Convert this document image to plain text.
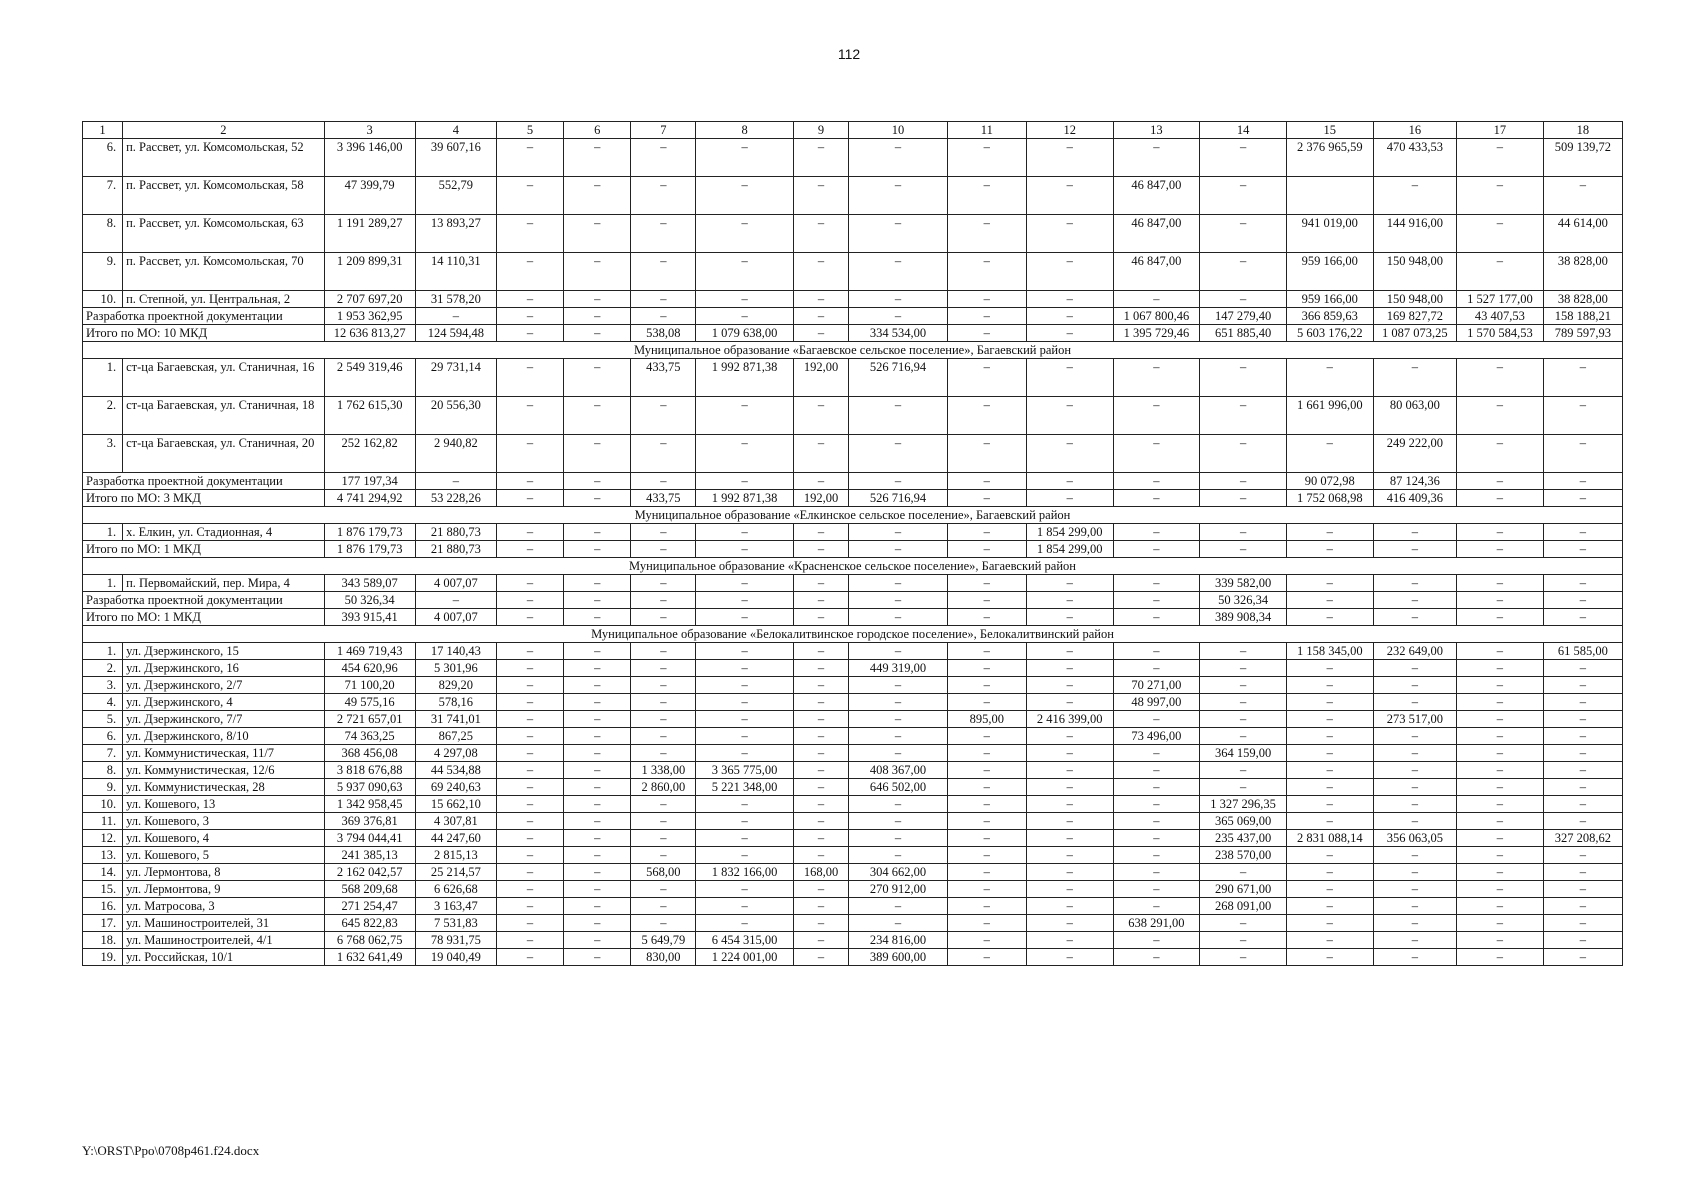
112
1	2	3	4	5	6	7	8	9	10	11	12	13	14	15	16	17	18
6.	п. Рассвет, ул. Комсомольская, 52	3 396 146,00	39 607,16	–	–	–	–	–	–	–	–	–	–	2 376 965,59	470 433,53	–	509 139,72
7.	п. Рассвет, ул. Комсомольская, 58	47 399,79	552,79	–	–	–	–	–	–	–	–	46 847,00	–		–	–	–
8.	п. Рассвет, ул. Комсомольская, 63	1 191 289,27	13 893,27	–	–	–	–	–	–	–	–	46 847,00	–	941 019,00	144 916,00	–	44 614,00
9.	п. Рассвет, ул. Комсомольская, 70	1 209 899,31	14 110,31	–	–	–	–	–	–	–	–	46 847,00	–	959 166,00	150 948,00	–	38 828,00
10.	п. Степной, ул. Центральная, 2	2 707 697,20	31 578,20	–	–	–	–	–	–	–	–	–	–	959 166,00	150 948,00	1 527 177,00	38 828,00
Разработка проектной документации		1 953 362,95	–	–	–	–	–	–	–	–	–	1 067 800,46	147 279,40	366 859,63	169 827,72	43 407,53	158 188,21
Итого по МО: 10 МКД		12 636 813,27	124 594,48	–	–	538,08	1 079 638,00	–	334 534,00	–	–	1 395 729,46	651 885,40	5 603 176,22	1 087 073,25	1 570 584,53	789 597,93
Муниципальное образование «Багаевское сельское поселение», Багаевский район																	
1.	ст-ца Багаевская, ул. Станичная, 16	2 549 319,46	29 731,14	–	–	433,75	1 992 871,38	192,00	526 716,94	–	–	–	–	–	–	–	–
2.	ст-ца Багаевская, ул. Станичная, 18	1 762 615,30	20 556,30	–	–	–	–	–	–	–	–	–	–	1 661 996,00	80 063,00	–	–
3.	ст-ца Багаевская, ул. Станичная, 20	252 162,82	2 940,82	–	–	–	–	–	–	–	–	–	–	–	249 222,00	–	–
Разработка проектной документации		177 197,34	–	–	–	–	–	–	–	–	–	–	–	90 072,98	87 124,36	–	–
Итого по МО: 3 МКД		4 741 294,92	53 228,26	–	–	433,75	1 992 871,38	192,00	526 716,94	–	–	–	–	1 752 068,98	416 409,36	–	–
Муниципальное образование «Елкинское сельское поселение», Багаевский район																	
1.	х. Елкин, ул. Стадионная, 4	1 876 179,73	21 880,73	–	–	–	–	–	–	–	1 854 299,00	–	–	–	–	–	–
Итого по МО: 1 МКД		1 876 179,73	21 880,73	–	–	–	–	–	–	–	1 854 299,00	–	–	–	–	–	–
Муниципальное образование «Красненское сельское поселение», Багаевский район																	
1.	п. Первомайский, пер. Мира, 4	343 589,07	4 007,07	–	–	–	–	–	–	–	–	–	339 582,00	–	–	–	–
Разработка проектной документации		50 326,34	–	–	–	–	–	–	–	–	–	–	50 326,34	–	–	–	–
Итого по МО: 1 МКД		393 915,41	4 007,07	–	–	–	–	–	–	–	–	–	389 908,34	–	–	–	–
Муниципальное образование «Белокалитвинское городское поселение», Белокалитвинский район																	
1.	ул. Дзержинского, 15	1 469 719,43	17 140,43	–	–	–	–	–	–	–	–	–	–	1 158 345,00	232 649,00	–	61 585,00
2.	ул. Дзержинского, 16	454 620,96	5 301,96	–	–	–	–	–	449 319,00	–	–	–	–	–	–	–	–
3.	ул. Дзержинского, 2/7	71 100,20	829,20	–	–	–	–	–	–	–	–	70 271,00	–	–	–	–	–
4.	ул. Дзержинского, 4	49 575,16	578,16	–	–	–	–	–	–	–	–	48 997,00	–	–	–	–	–
5.	ул. Дзержинского, 7/7	2 721 657,01	31 741,01	–	–	–	–	–	–	895,00	2 416 399,00	–	–	–	273 517,00	–	–
6.	ул. Дзержинского, 8/10	74 363,25	867,25	–	–	–	–	–	–	–	–	73 496,00	–	–	–	–	–
7.	ул. Коммунистическая, 11/7	368 456,08	4 297,08	–	–	–	–	–	–	–	–	–	364 159,00	–	–	–	–
8.	ул. Коммунистическая, 12/6	3 818 676,88	44 534,88	–	–	1 338,00	3 365 775,00	–	408 367,00	–	–	–	–	–	–	–	–
9.	ул. Коммунистическая, 28	5 937 090,63	69 240,63	–	–	2 860,00	5 221 348,00	–	646 502,00	–	–	–	–	–	–	–	–
10.	ул. Кошевого, 13	1 342 958,45	15 662,10	–	–	–	–	–	–	–	–	–	1 327 296,35	–	–	–	–
11.	ул. Кошевого, 3	369 376,81	4 307,81	–	–	–	–	–	–	–	–	–	365 069,00	–	–	–	–
12.	ул. Кошевого, 4	3 794 044,41	44 247,60	–	–	–	–	–	–	–	–	–	235 437,00	2 831 088,14	356 063,05	–	327 208,62
13.	ул. Кошевого, 5	241 385,13	2 815,13	–	–	–	–	–	–	–	–	–	238 570,00	–	–	–	–
14.	ул. Лермонтова, 8	2 162 042,57	25 214,57	–	–	568,00	1 832 166,00	168,00	304 662,00	–	–	–	–	–	–	–	–
15.	ул. Лермонтова, 9	568 209,68	6 626,68	–	–	–	–	–	270 912,00	–	–	–	290 671,00	–	–	–	–
16.	ул. Матросова, 3	271 254,47	3 163,47	–	–	–	–	–	–	–	–	–	268 091,00	–	–	–	–
17.	ул. Машиностроителей, 31	645 822,83	7 531,83	–	–	–	–	–	–	–	–	638 291,00	–	–	–	–	–
18.	ул. Машиностроителей, 4/1	6 768 062,75	78 931,75	–	–	5 649,79	6 454 315,00	–	234 816,00	–	–	–	–	–	–	–	–
19.	ул. Российская, 10/1	1 632 641,49	19 040,49	–	–	830,00	1 224 001,00	–	389 600,00	–	–	–	–	–	–	–	–
Y:\ORST\Ppo\0708p461.f24.docx
